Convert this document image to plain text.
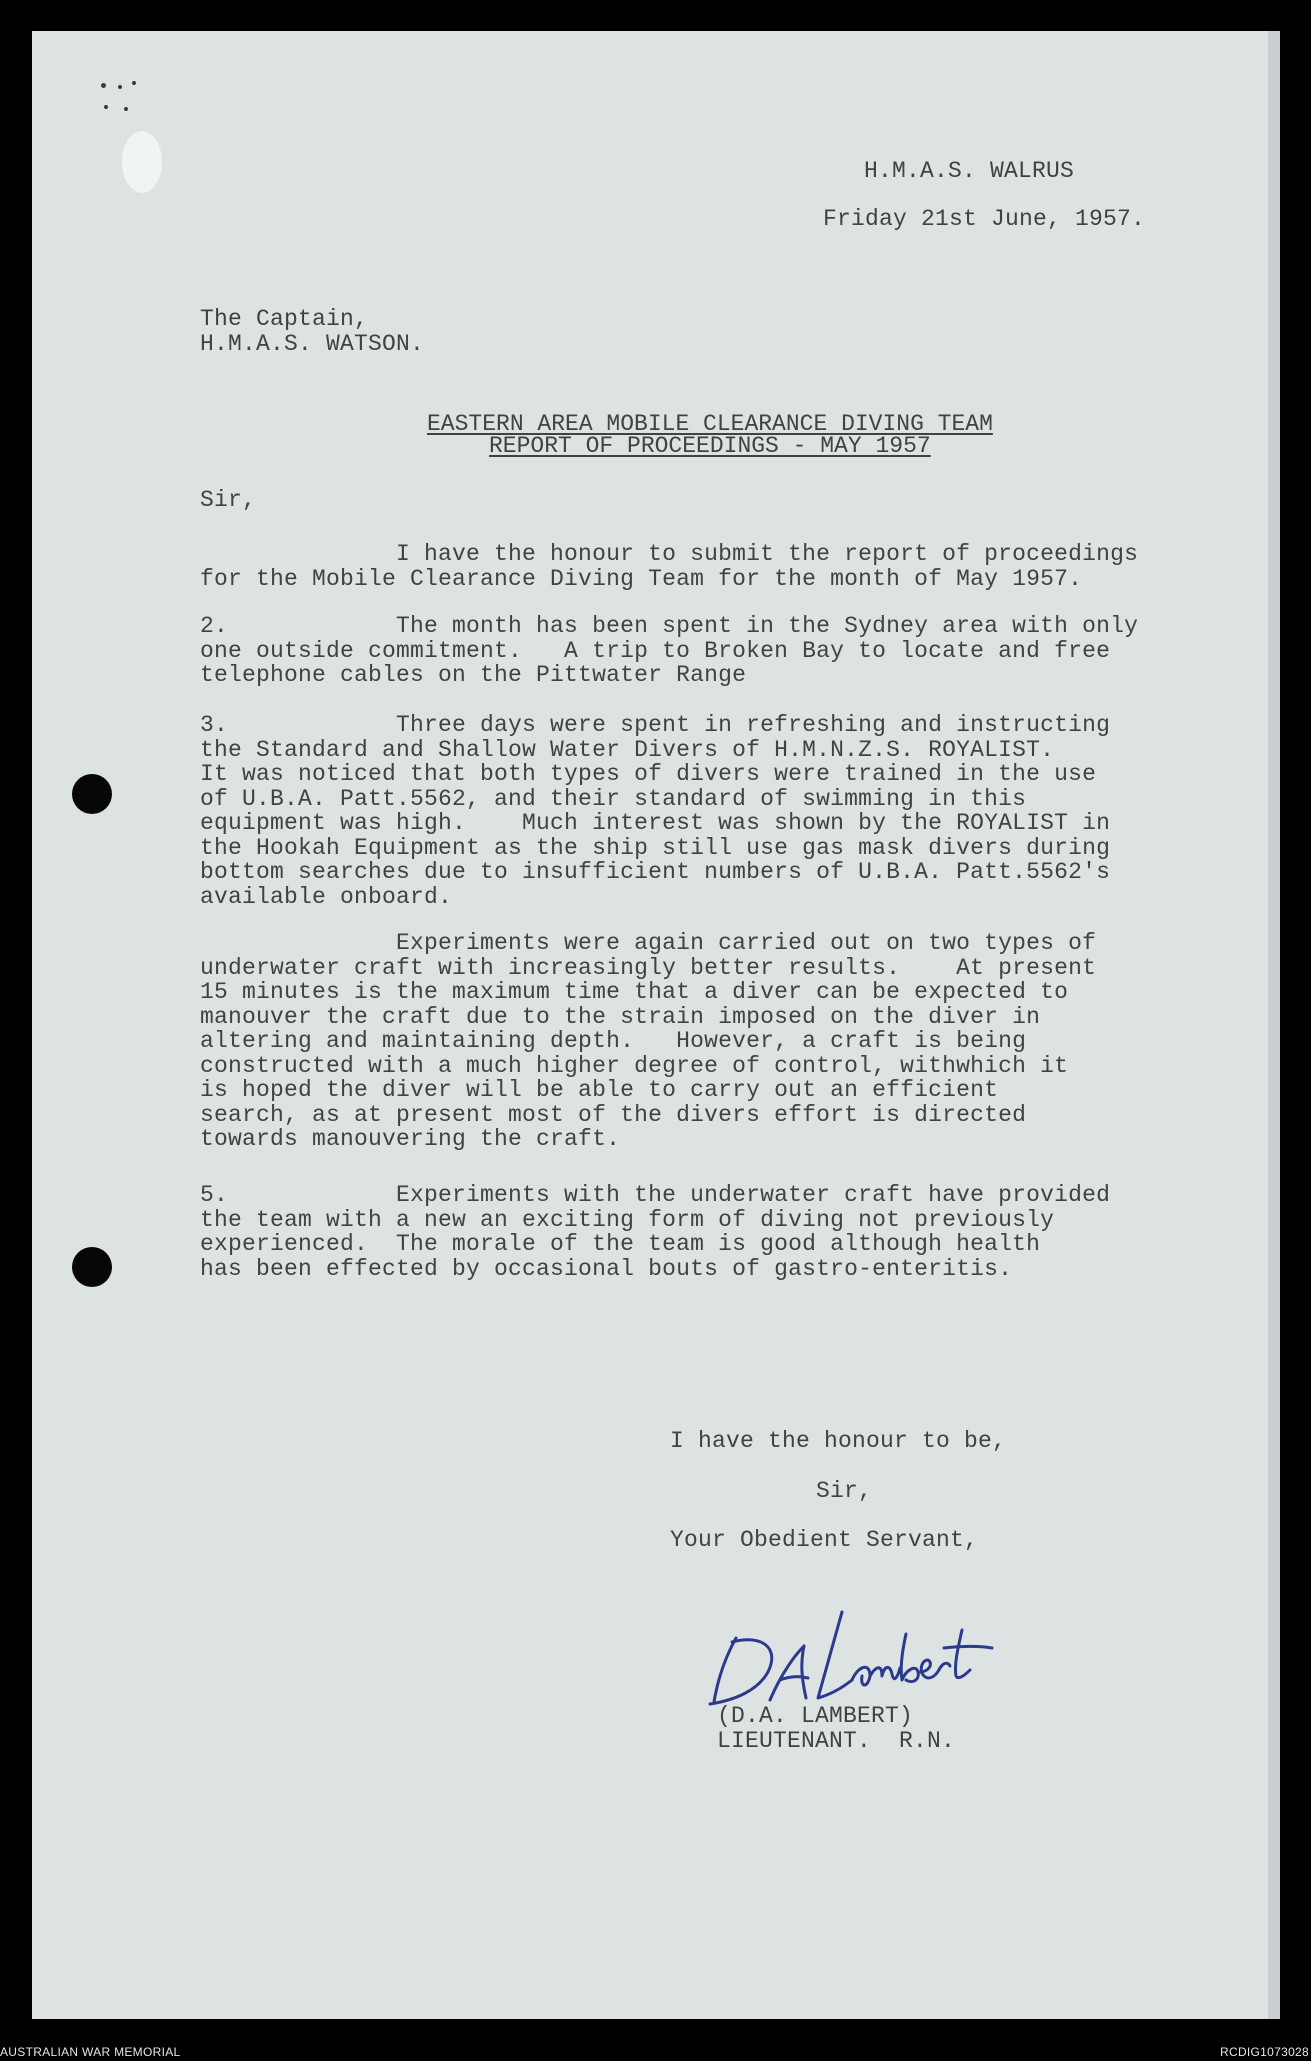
H.M.A.S. WALRUS
Friday 21st June, 1957.
The Captain,
H.M.A.S. WATSON.
EASTERN AREA MOBILE CLEARANCE DIVING TEAM
REPORT OF PROCEEDINGS - MAY 1957
Sir,
I have the honour to submit the report of proceedings
for the Mobile Clearance Diving Team for the month of May 1957.
2.            The month has been spent in the Sydney area with only
one outside commitment.   A trip to Broken Bay to locate and free
telephone cables on the Pittwater Range
3.            Three days were spent in refreshing and instructing
the Standard and Shallow Water Divers of H.M.N.Z.S. ROYALIST.
It was noticed that both types of divers were trained in the use
of U.B.A. Patt.5562, and their standard of swimming in this
equipment was high.    Much interest was shown by the ROYALIST in
the Hookah Equipment as the ship still use gas mask divers during
bottom searches due to insufficient numbers of U.B.A. Patt.5562's
available onboard.
Experiments were again carried out on two types of
underwater craft with increasingly better results.    At present
15 minutes is the maximum time that a diver can be expected to
manouver the craft due to the strain imposed on the diver in
altering and maintaining depth.   However, a craft is being
constructed with a much higher degree of control, withwhich it
is hoped the diver will be able to carry out an efficient
search, as at present most of the divers effort is directed
towards manouvering the craft.
5.            Experiments with the underwater craft have provided
the team with a new an exciting form of diving not previously
experienced.  The morale of the team is good although health
has been effected by occasional bouts of gastro-enteritis.
I have the honour to be,
Sir,
Your Obedient Servant,
(D.A. LAMBERT)
LIEUTENANT.  R.N.
AUSTRALIAN WAR MEMORIAL	RCDIG1073028
